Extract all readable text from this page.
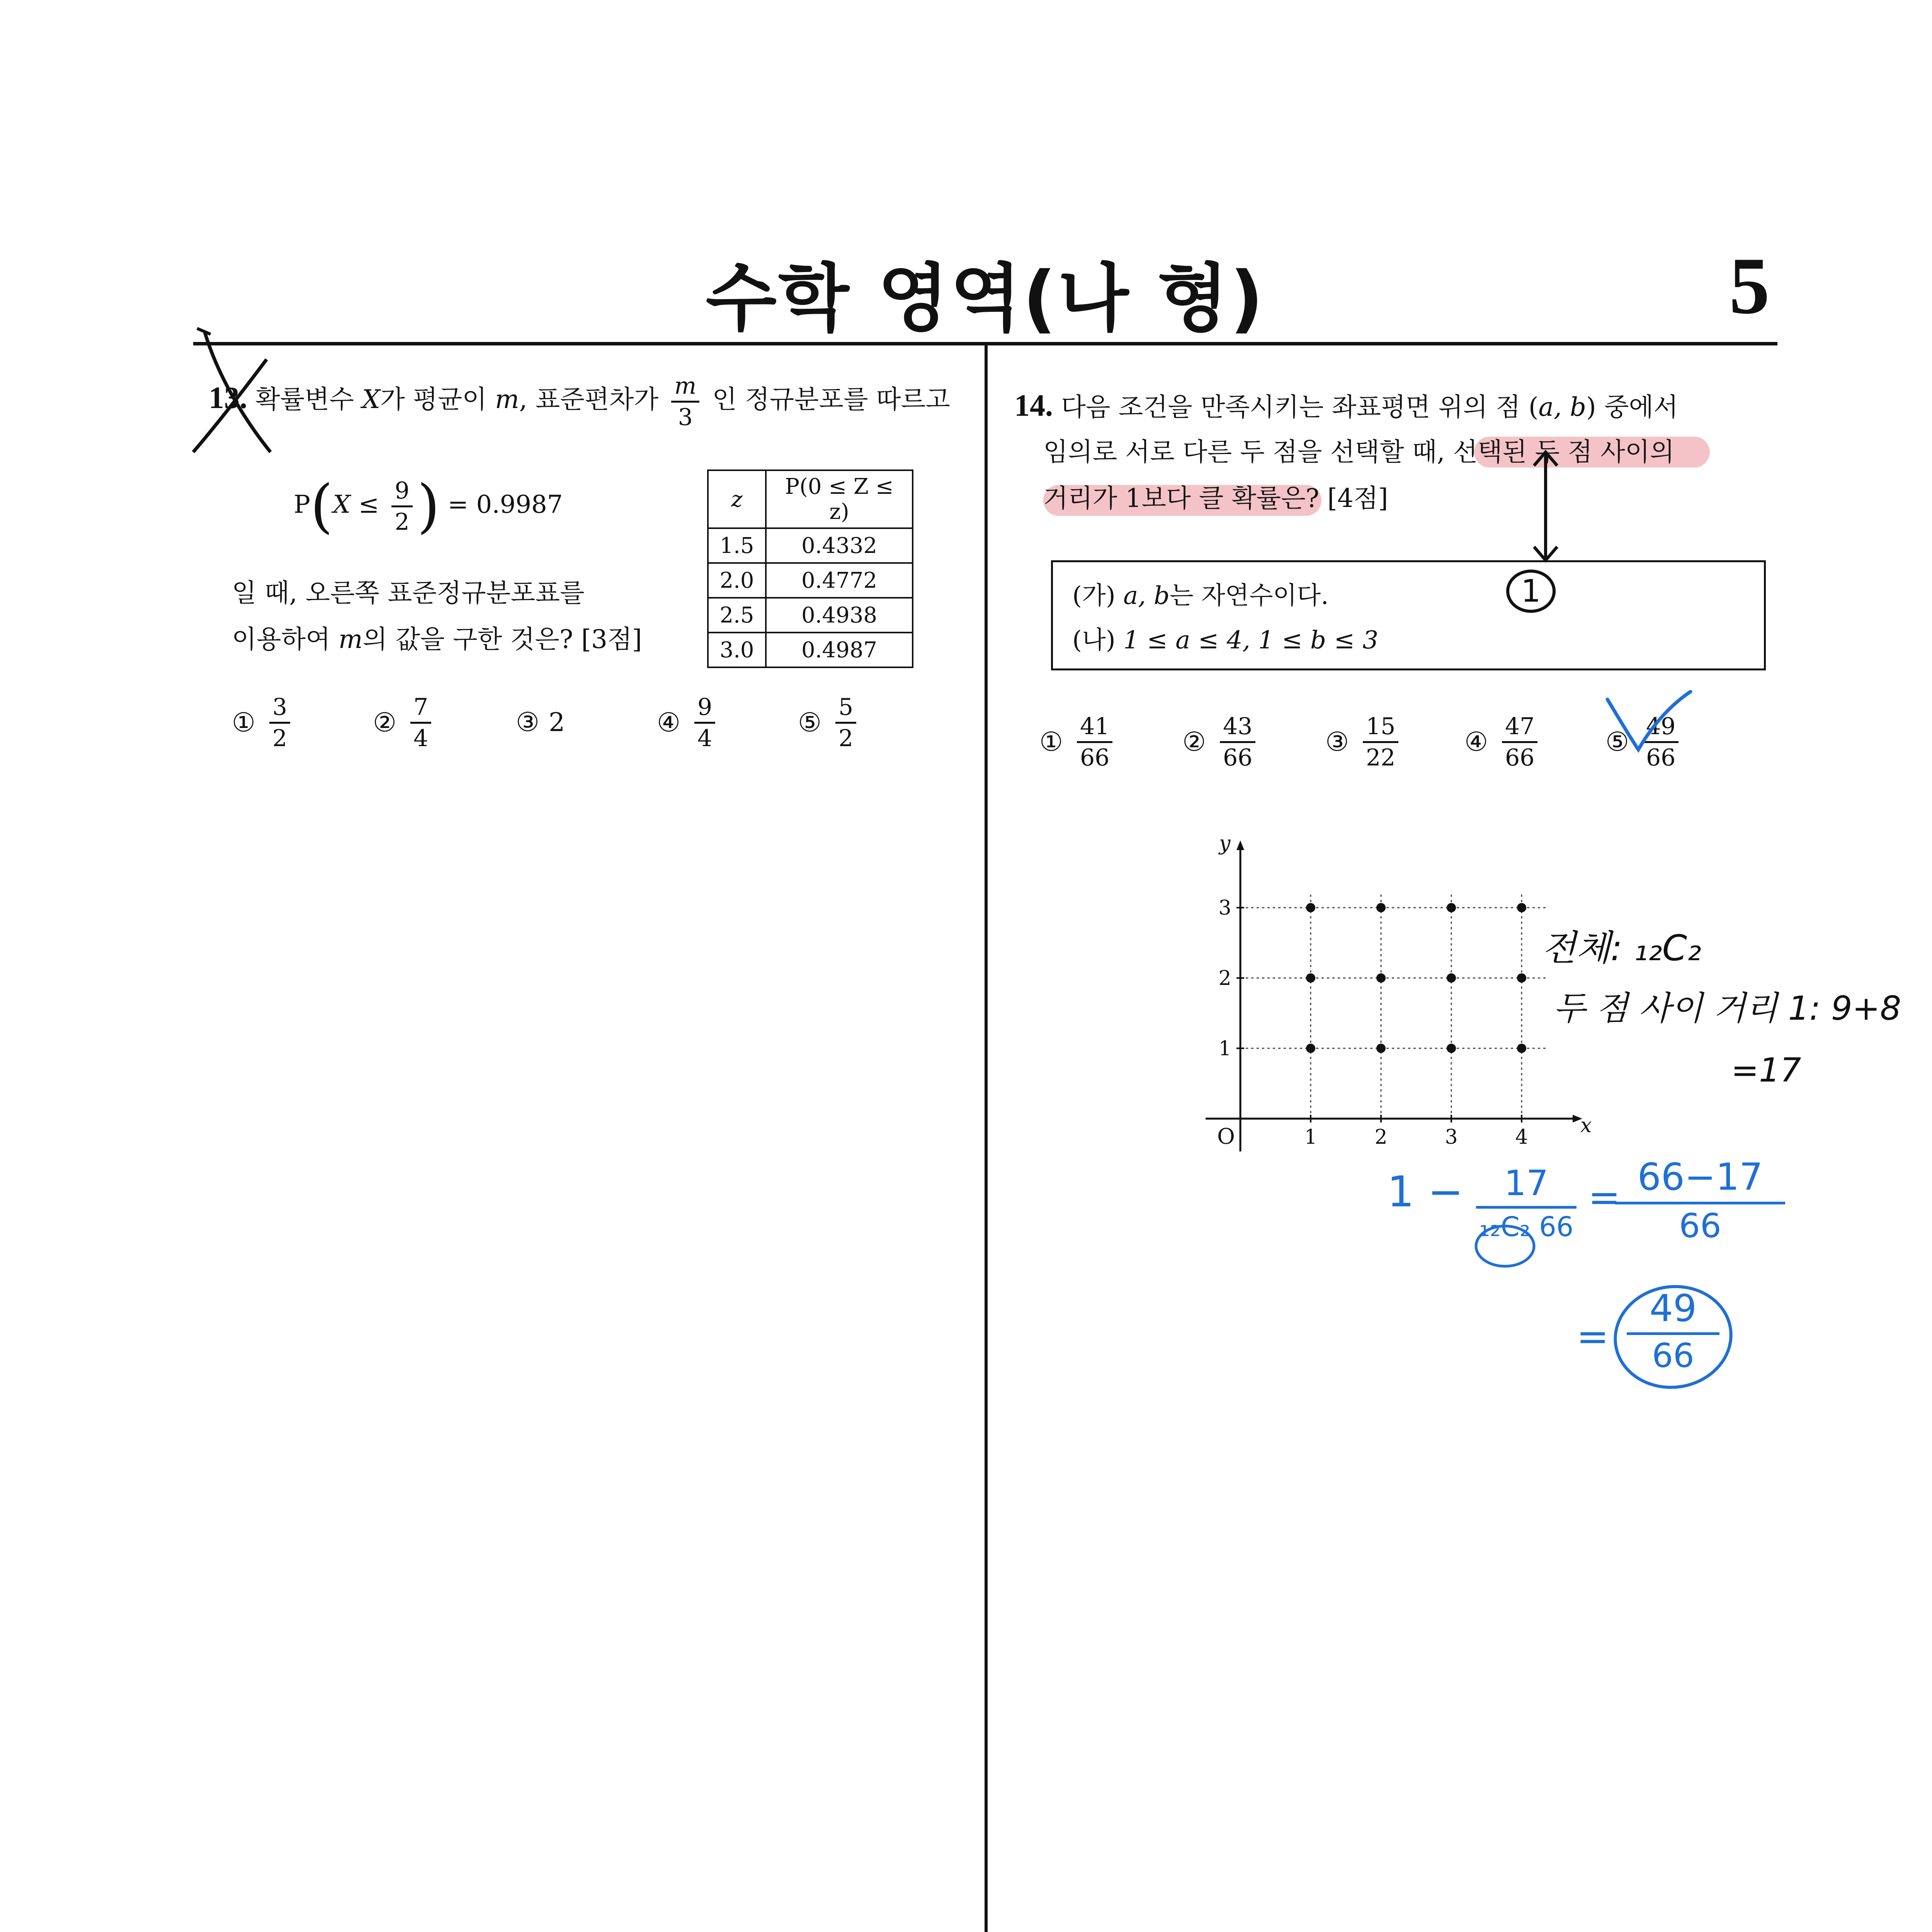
수학 영역(나 형)	5
13. 확률변수 X가 평균이 m, 표준편차가 $\frac{m}{3}$ 인 정규분포를 따르고
$P(X \le \frac{9}{2}$ ) = 0.9987	z	P(0 ≤ Z ≤ z)
1.5	0.4332
2.0	0.4772
2.5	0.4938
3.0	0.4987
일 때, 오른쪽 표준정규분포표를
이용하여 m의 값을 구한 것은? [3점]
① $\frac{3}{2}$	② $\frac{7}{4}$	③ 2	④ $\frac{9}{4}$	⑤ $\frac{5}{2}$
14. 다음 조건을 만족시키는 좌표평면 위의 점 (a, b) 중에서
임의로 서로 다른 두 점을 선택할 때, 선택된 두 점 사이의
거리가 1보다 클 확률은? [4점]
(가) a, b는 자연수이다.
(나) 1 ≤ a ≤ 4, 1 ≤ b ≤ 3
① $\frac{41}{66}$	② $\frac{43}{66}$	③ $\frac{15}{22}$	④ $\frac{47}{66}$	⑤ $\frac{49}{66}$
1
x
y
O	1	2	3	4
1
2
3
전체: ₁₂C₂
두 점 사이 거리 1: 9+8
=17
1 −	17
₁₂C₂ 66
=
$\frac{66-17}{66}$
= $\frac{49}{66}$
